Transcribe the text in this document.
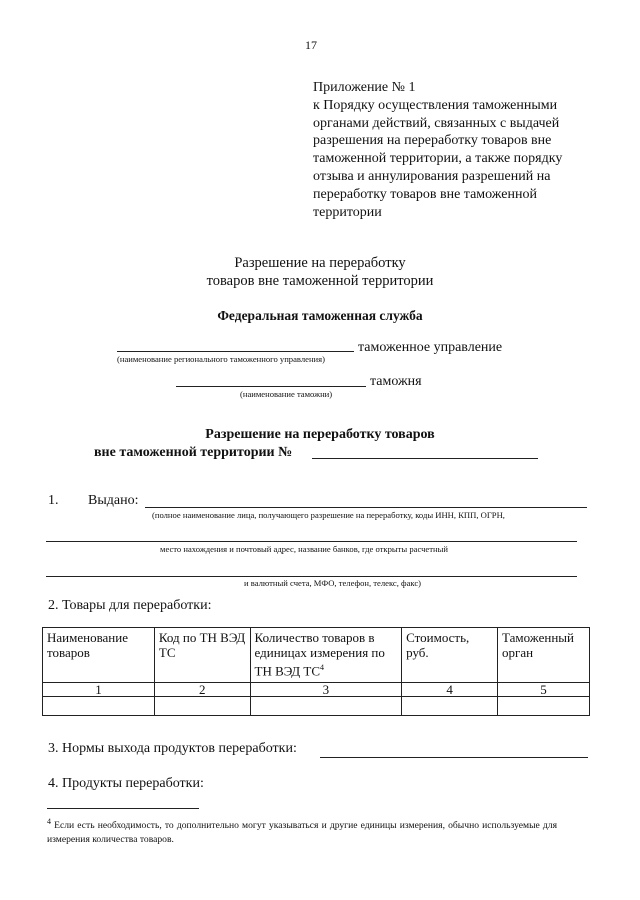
17
Приложение № 1
к Порядку осуществления таможенными
органами действий, связанных с выдачей
разрешения на переработку товаров вне
таможенной территории, а также порядку
отзыва и аннулирования разрешений на
переработку товаров вне таможенной
территории
Разрешение на переработку
товаров вне таможенной территории
Федеральная таможенная служба
таможенное управление
(наименование регионального таможенного управления)
таможня
(наименование таможни)
Разрешение на переработку товаров
вне таможенной территории №
1. Выдано:
(полное наименование лица, получающего разрешение на переработку, коды ИНН, КПП, ОГРН,
место нахождения и почтовый адрес, название банков, где открыты расчетный
и валютный счета, МФО, телефон, телекс, факс)
2. Товары для переработки:
Наименование товаров	Код по ТН ВЭД ТС	Количество товаров в единицах измерения по ТН ВЭД $ТС^4$	Стоимость, руб.	Таможенный орган
1	2	3	4	5

3. Нормы выхода продуктов переработки:
4. Продукты переработки:
$^4$ Если есть необходимость, то дополнительно могут указываться и другие единицы измерения, обычно используемые для измерения количества товаров.
